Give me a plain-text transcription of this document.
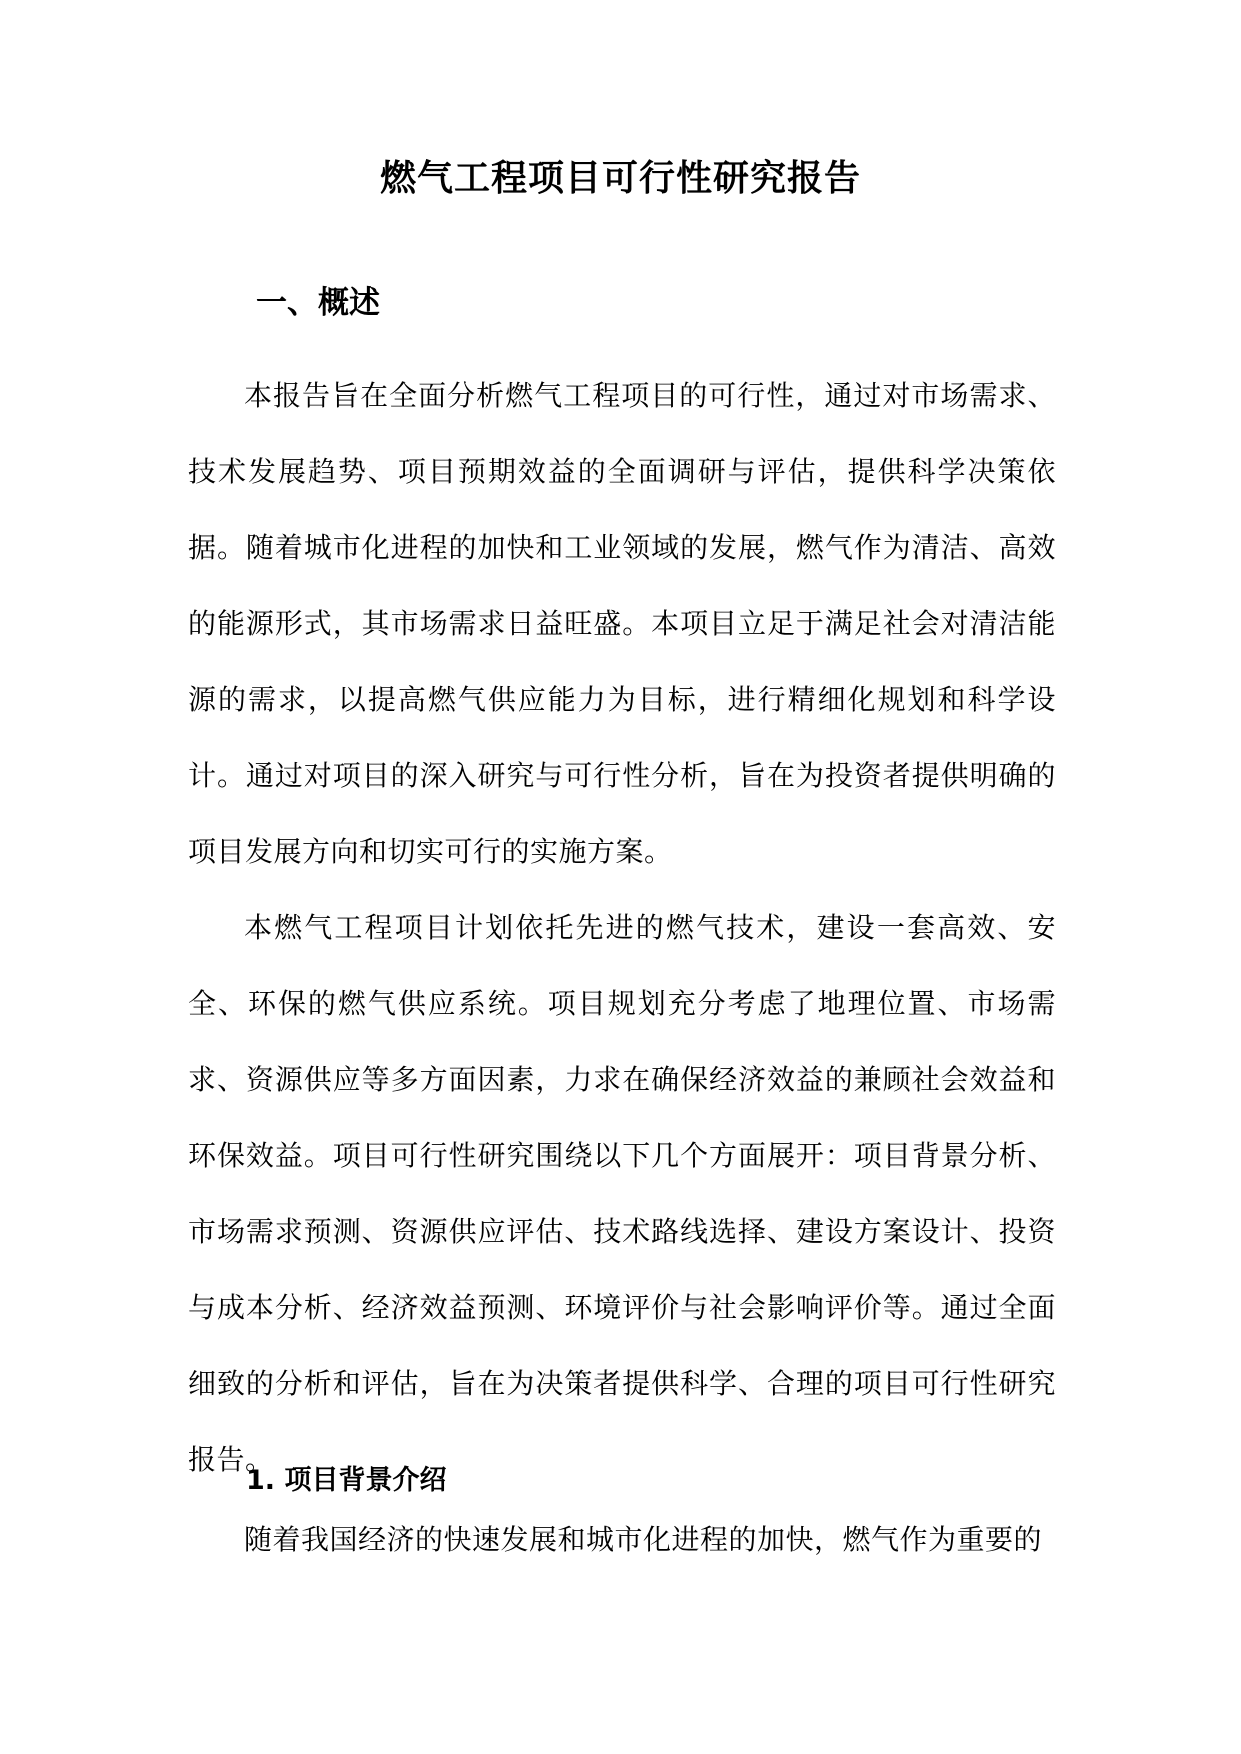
燃气工程项目可行性研究报告
一、概述

本报告旨在全面分析燃气工程项目的可行性，通过对市场需求、技术发展趋势、项目预期效益的全面调研与评估，提供科学决策依据。随着城市化进程的加快和工业领域的发展，燃气作为清洁、高效的能源形式，其市场需求日益旺盛。本项目立足于满足社会对清洁能源的需求，以提高燃气供应能力为目标，进行精细化规划和科学设计。通过对项目的深入研究与可行性分析，旨在为投资者提供明确的项目发展方向和切实可行的实施方案。

本燃气工程项目计划依托先进的燃气技术，建设一套高效、安全、环保的燃气供应系统。项目规划充分考虑了地理位置、市场需求、资源供应等多方面因素，力求在确保经济效益的兼顾社会效益和环保效益。项目可行性研究围绕以下几个方面展开：项目背景分析、市场需求预测、资源供应评估、技术路线选择、建设方案设计、投资与成本分析、经济效益预测、环境评价与社会影响评价等。通过全面细致的分析和评估，旨在为决策者提供科学、合理的项目可行性研究报告。

1. 项目背景介绍

随着我国经济的快速发展和城市化进程的加快，燃气作为重要的
